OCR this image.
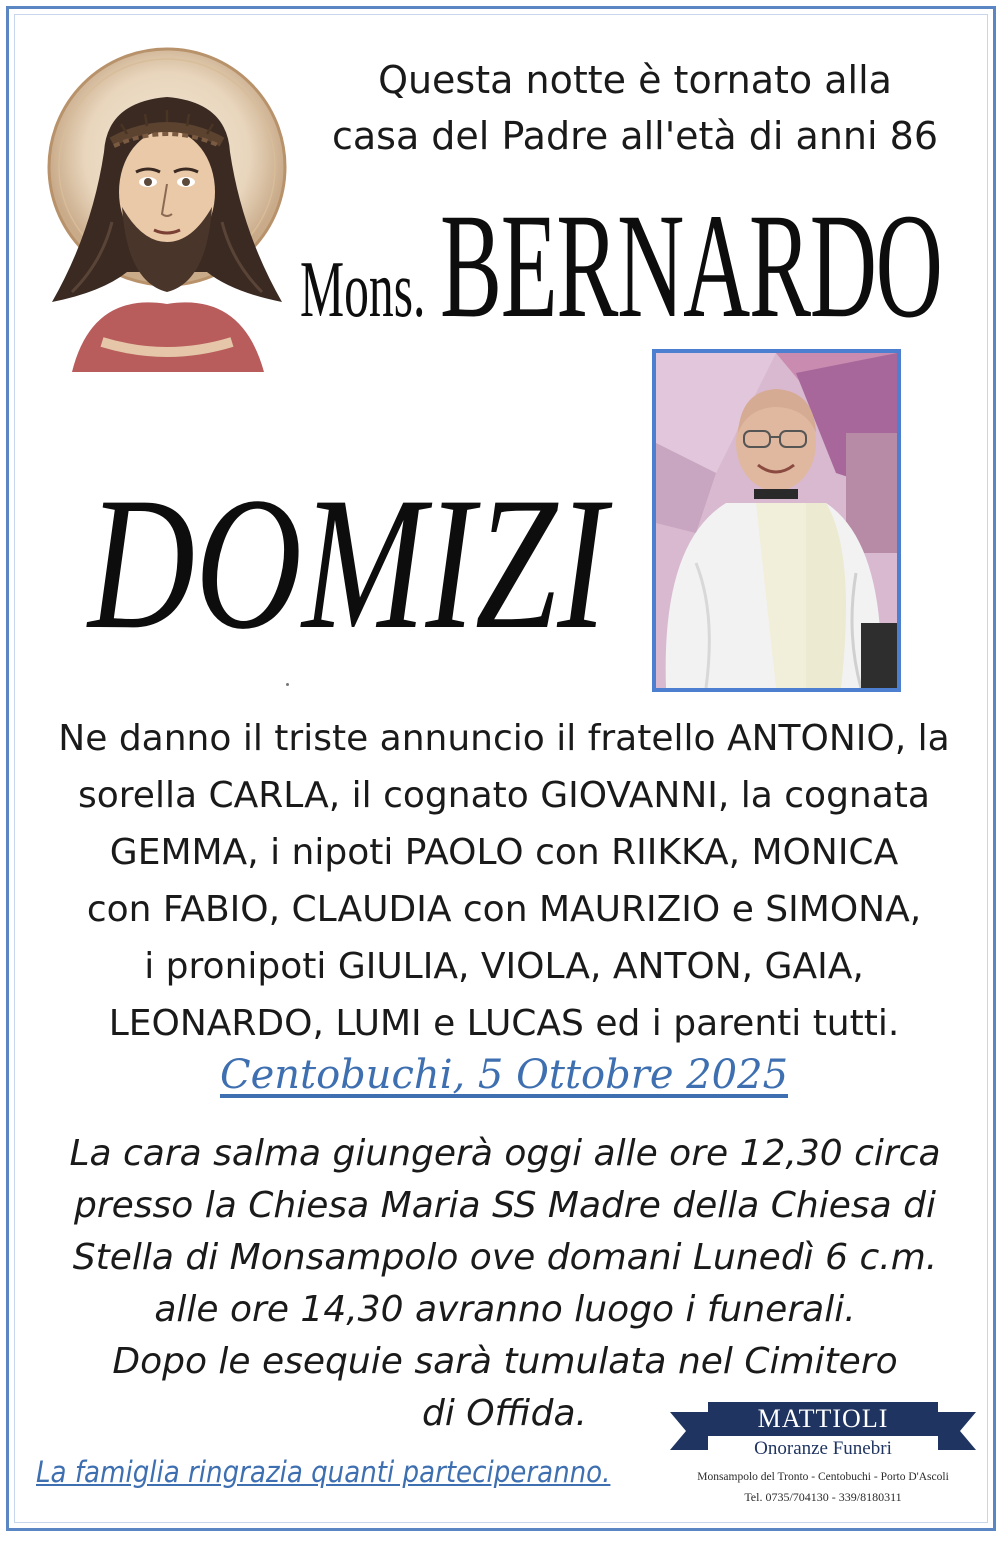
Questa notte è tornato alla
casa del Padre all'età di anni 86
Mons.BERNARDO
DOMIZI
Ne danno il triste annuncio il fratello ANTONIO, la
sorella CARLA, il cognato GIOVANNI, la cognata
GEMMA, i nipoti PAOLO con RIIKKA, MONICA
con FABIO, CLAUDIA con MAURIZIO e SIMONA,
i pronipoti GIULIA, VIOLA, ANTON, GAIA,
LEONARDO, LUMI e LUCAS ed i parenti tutti.
Centobuchi, 5 Ottobre 2025
La cara salma giungerà oggi alle ore 12,30 circa
presso la Chiesa Maria SS Madre della Chiesa di
Stella di Monsampolo ove domani Lunedì 6 c.m.
alle ore 14,30 avranno luogo i funerali.
Dopo le esequie sarà tumulata nel Cimitero
di Offida.
La famiglia ringrazia quanti parteciperanno.
MATTIOLI
Onoranze Funebri
Monsampolo del Tronto - Centobuchi - Porto D'Ascoli
Tel. 0735/704130 - 339/8180311
